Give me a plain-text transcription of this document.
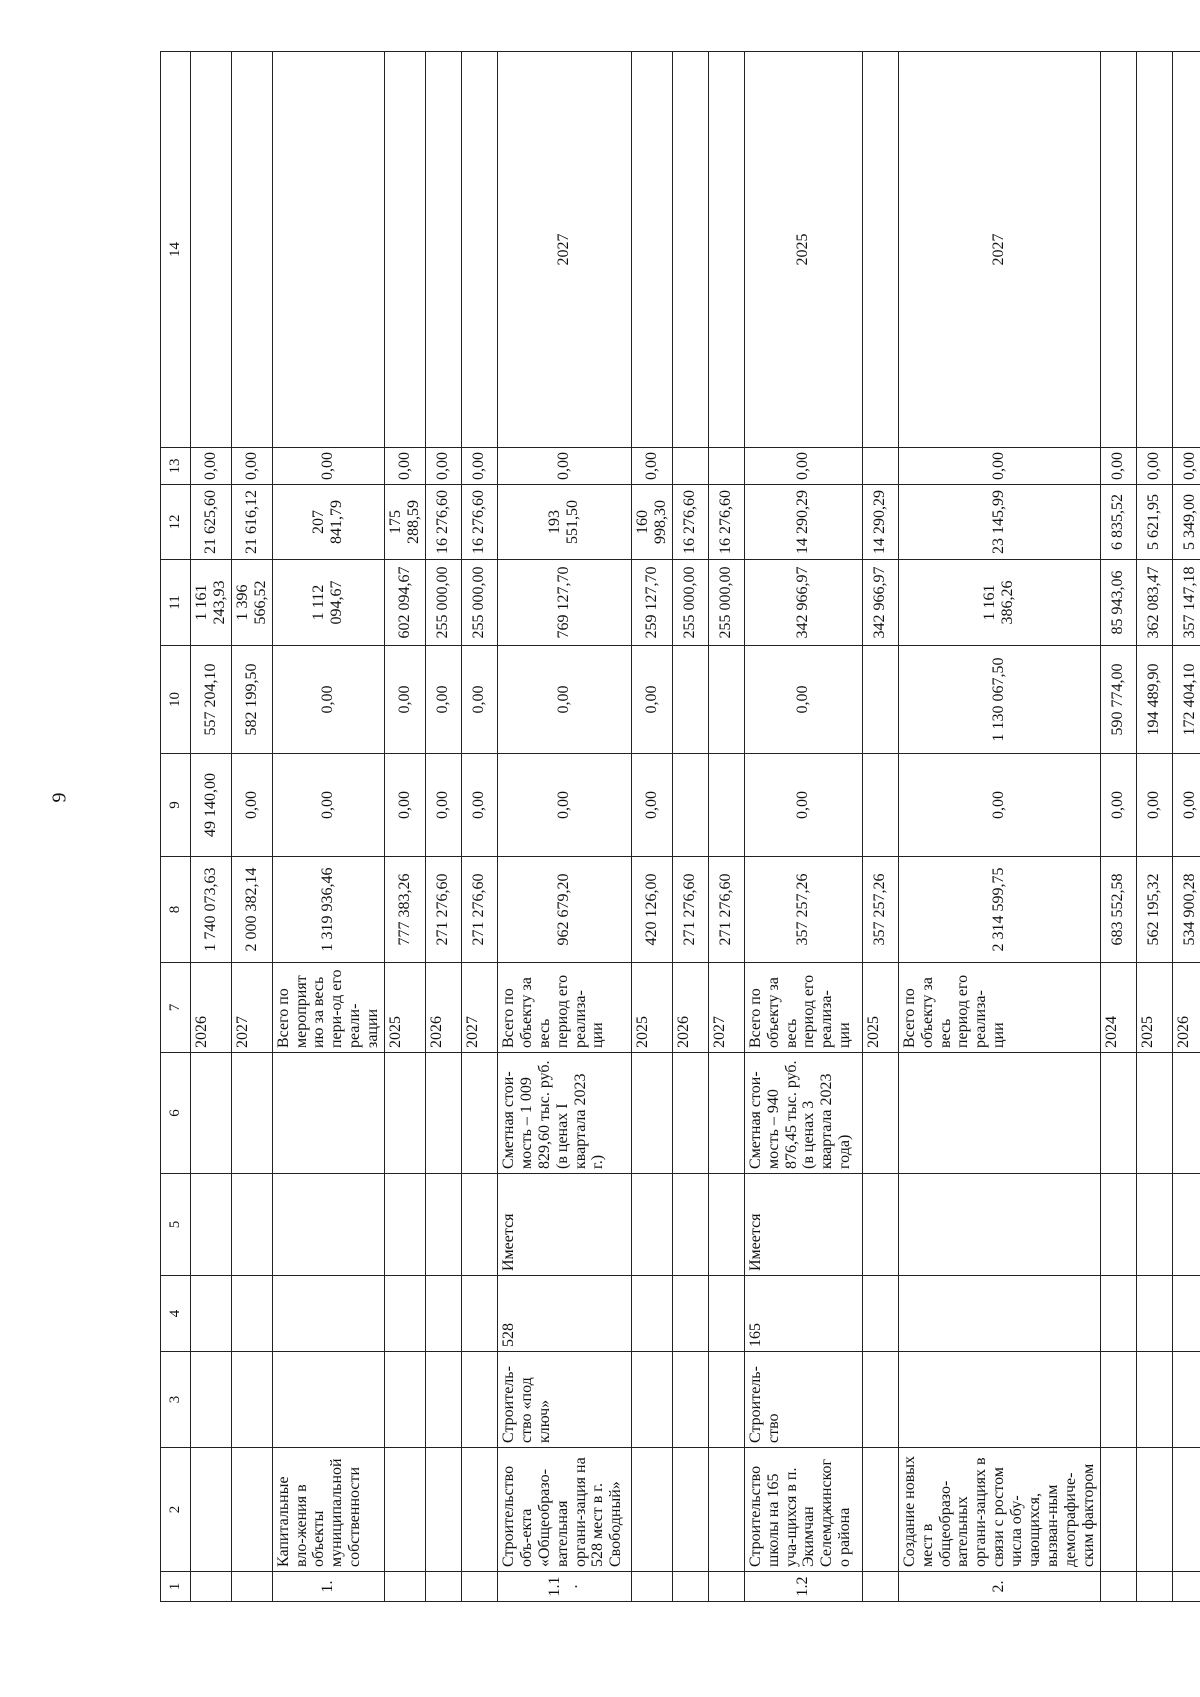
9
1	2	3	4	5	6	7	8	9	10	11	12	13	14
						2026	1 740 073,63	49 140,00	557 204,10	1 161 243,93	21 625,60	0,00	
						2027	2 000 382,14	0,00	582 199,50	1 396 566,52	21 616,12	0,00	
1.	Капитальные вло-жения в объекты муниципальной собственности					Всего по мероприятию за весь пери-од его реали-зации	1 319 936,46	0,00	0,00	1 112 094,67	207 841,79	0,00	
						2025	777 383,26	0,00	0,00	602 094,67	175 288,59	0,00	
						2026	271 276,60	0,00	0,00	255 000,00	16 276,60	0,00	
						2027	271 276,60	0,00	0,00	255 000,00	16 276,60	0,00	
1.1.	Строительство объ-екта «Общеобразо-вательная органи-зация на 528 мест в г. Свободный»	Строитель-ство «под ключ»	528	Имеется	Сметная стои-мость – 1 009 829,60 тыс. руб. (в ценах I квартала 2023 г.)	Всего по объекту за весь период его реализа-ции	962 679,20	0,00	0,00	769 127,70	193 551,50	0,00	2027
						2025	420 126,00	0,00	0,00	259 127,70	160 998,30	0,00	
						2026	271 276,60			255 000,00	16 276,60		
						2027	271 276,60			255 000,00	16 276,60		
1.2	Строительство школы на 165 уча-щихся в п. Экимчан Селемджинского района	Строитель-ство	165	Имеется	Сметная стои-мость – 940 876,45 тыс. руб. (в ценах 3 квартала 2023 года)	Всего по объекту за весь период его реализа-ции	357 257,26	0,00	0,00	342 966,97	14 290,29	0,00	2025
						2025	357 257,26			342 966,97	14 290,29		
2.	Создание новых мест в общеобразо-вательных органи-зациях в связи с ростом числа обу-чающихся, вызван-ным демографиче-ским фактором					Всего по объекту за весь период его реализа-ции	2 314 599,75	0,00	1 130 067,50	1 161 386,26	23 145,99	0,00	2027
						2024	683 552,58	0,00	590 774,00	85 943,06	6 835,52	0,00	
						2025	562 195,32	0,00	194 489,90	362 083,47	5 621,95	0,00	
						2026	534 900,28	0,00	172 404,10	357 147,18	5 349,00	0,00	
